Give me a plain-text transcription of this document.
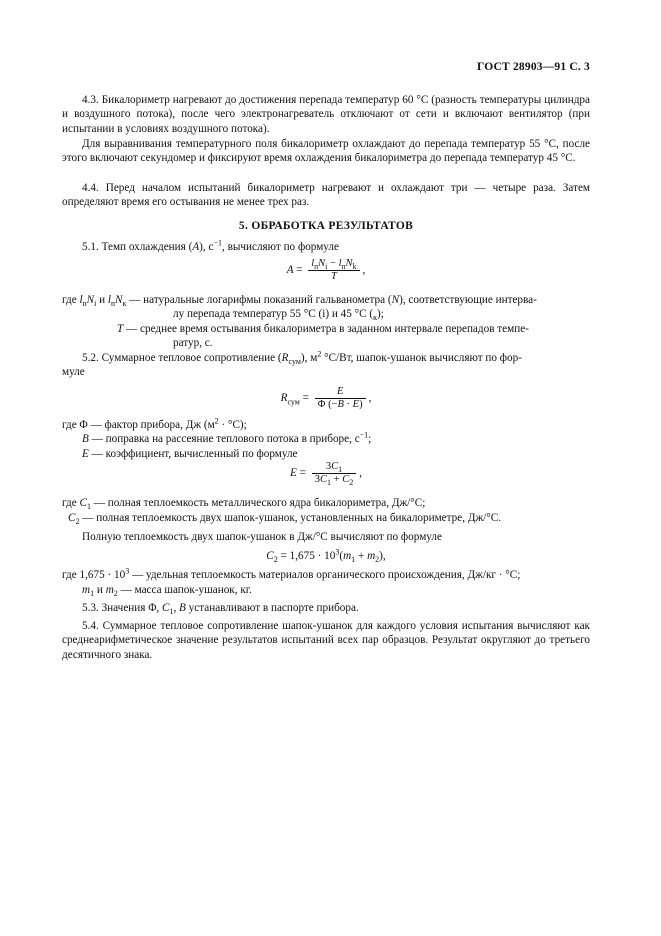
ГОСТ 28903—91 С. 3
4.3. Бикалориметр нагревают до достижения перепада температур 60 °С (разность температуры цилиндра и воздушного потока), после чего электронагреватель отключают от сети и включают вентилятор (при испытании в условиях воздушного потока).
Для выравнивания температурного поля бикалориметр охлаждают до перепада температур 55 °С, после этого включают секундомер и фиксируют время охлаждения бикалориметра до перепада температур 45 °С.
4.4. Перед началом испытаний бикалориметр нагревают и охлаждают три — четыре раза. Затем определяют время его остывания не менее трех раз.
5. ОБРАБОТКА РЕЗУЛЬТАТОВ
5.1. Темп охлаждения (A), $с^{-1}$, вычисляют по формуле
$A = \frac{l_nN_i - l_nN_k}{T}$ ,
где $l_nN_i$ и $l_nN_к$ — натуральные логарифмы показаний гальванометра (N), соответствующие интерва-
лу перепада температур 55 °С (i) и 45 °С $(_к)$;
T — среднее время остывания бикалориметра в заданном интервале перепадов темпе-
ратур, с.
5.2. Суммарное тепловое сопротивление $(R_{сум})$, $м^2$ °С/Вт, шапок-ушанок вычисляют по фор-
муле
$R_{сум} = \frac{E}{\Phi (-B \cdot E)}$ ,
где Φ — фактор прибора, Дж $(м^2 \cdot ^\circ С)$;
B — поправка на рассеяние теплового потока в приборе, $с^{-1}$;
E — коэффициент, вычисленный по формуле
$E = \frac{3C_1}{3C_1 + C_2}$ ,
где $C_1$ — полная теплоемкость металлического ядра бикалориметра, Дж/°С;
$C_2$ — полная теплоемкость двух шапок-ушанок, установленных на бикалориметре, Дж/°С.
Полную теплоемкость двух шапок-ушанок в Дж/°С вычисляют по формуле
$C_2 = 1,675 \cdot 10^3(m_1 + m_2)$,
где $1,675 \cdot 10^3$ — удельная теплоемкость материалов органического происхождения, Дж/кг · °С;
$m_1$ и $m_2$ — масса шапок-ушанок, кг.
5.3. Значения Φ, $C_1$, B устанавливают в паспорте прибора.
5.4. Суммарное тепловое сопротивление шапок-ушанок для каждого условия испытания вычисляют как среднеарифметическое значение результатов испытаний всех пар образцов. Результат округляют до третьего десятичного знака.
